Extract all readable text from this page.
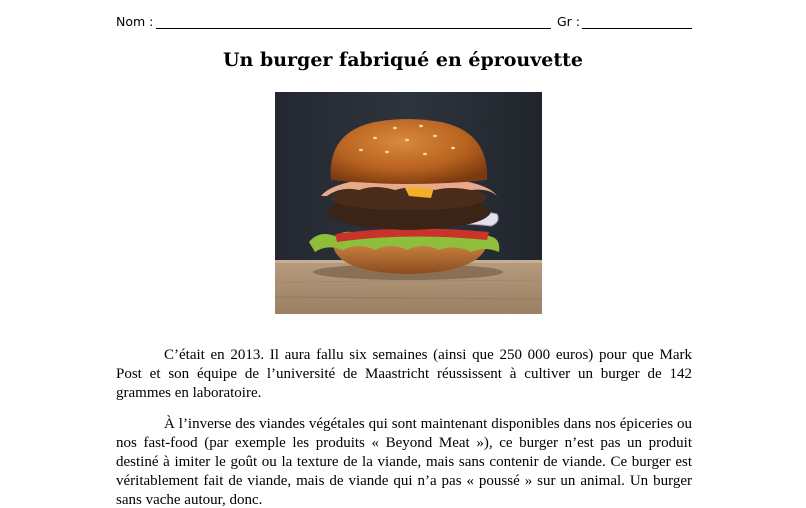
Nom :	Gr :
Un burger fabriqué en éprouvette

C’était en 2013. Il aura fallu six semaines (ainsi que 250 000 euros) pour que Mark Post et son équipe de l’université de Maastricht réussissent à cultiver un burger de 142 grammes en laboratoire.

À l’inverse des viandes végétales qui sont maintenant disponibles dans nos épiceries ou nos fast-food (par exemple les produits « Beyond Meat »), ce burger n’est pas un produit destiné à imiter le goût ou la texture de la viande, mais sans contenir de viande. Ce burger est véritablement fait de viande, mais de viande qui n’a pas « poussé » sur un animal. Un burger sans vache autour, donc.
